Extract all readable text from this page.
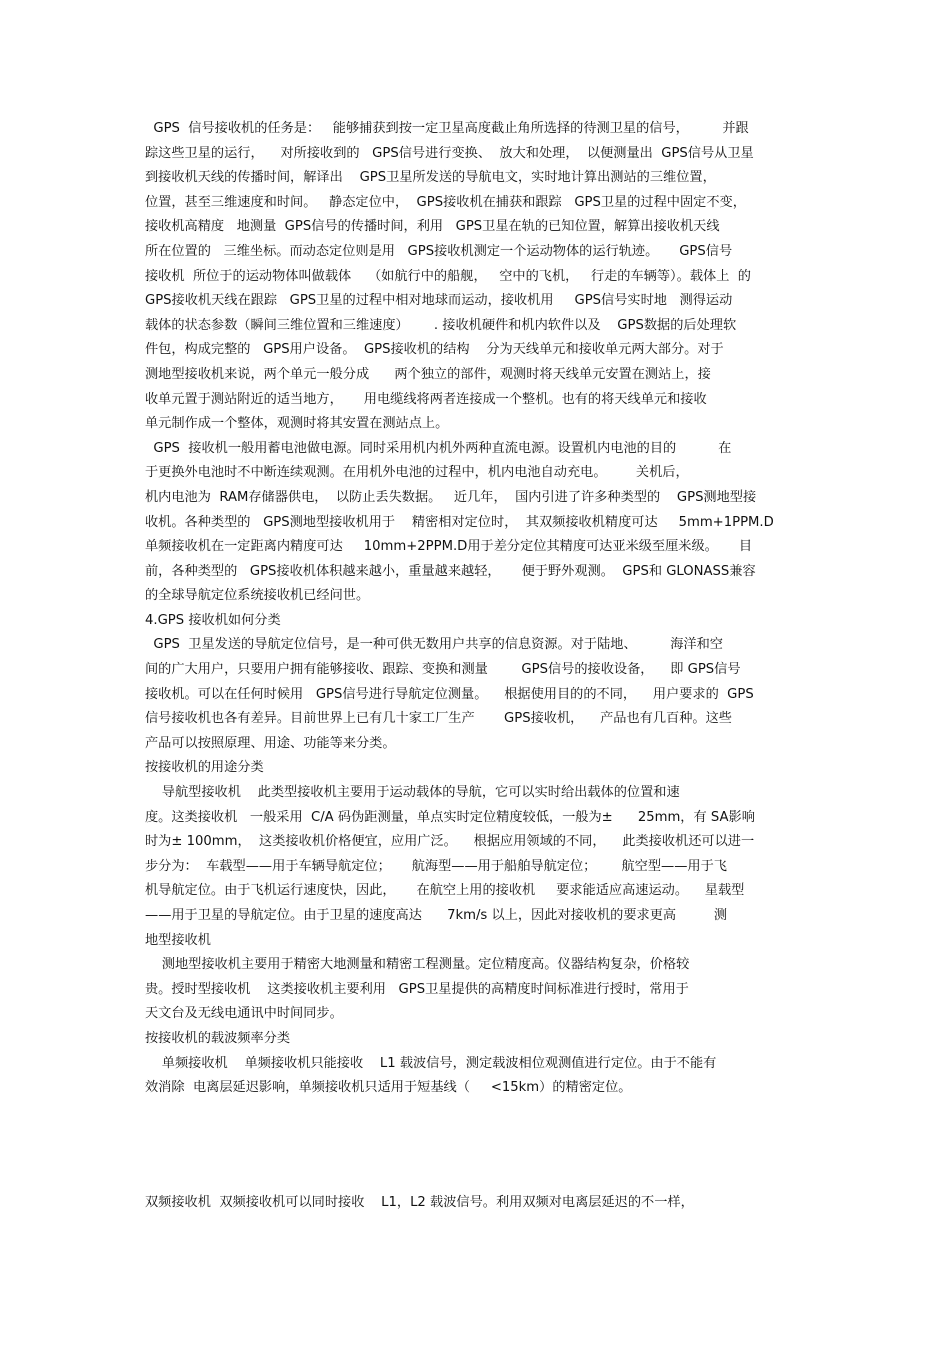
GPS  信号接收机的任务是：   能够捕获到按一定卫星高度截止角所选择的待测卫星的信号，        并跟
踪这些卫星的运行，    对所接收到的   GPS信号进行变换、  放大和处理，  以便测量出  GPS信号从卫星
到接收机天线的传播时间，解译出    GPS卫星所发送的导航电文，实时地计算出测站的三维位置，
位置，甚至三维速度和时间。   静态定位中，  GPS接收机在捕获和跟踪   GPS卫星的过程中固定不变，
接收机高精度   地测量  GPS信号的传播时间，利用   GPS卫星在轨的已知位置，解算出接收机天线
所在位置的   三维坐标。而动态定位则是用   GPS接收机测定一个运动物体的运行轨迹。     GPS信号
接收机  所位于的运动物体叫做载体    （如航行中的船舰，   空中的飞机，   行走的车辆等）。载体上  的
GPS接收机天线在跟踪   GPS卫星的过程中相对地球而运动，接收机用     GPS信号实时地   测得运动
载体的状态参数（瞬间三维位置和三维速度）      . 接收机硬件和机内软件以及    GPS数据的后处理软
件包，构成完整的   GPS用户设备。  GPS接收机的结构    分为天线单元和接收单元两大部分。对于
测地型接收机来说，两个单元一般分成      两个独立的部件，观测时将天线单元安置在测站上，接
收单元置于测站附近的适当地方，     用电缆线将两者连接成一个整机。也有的将天线单元和接收
单元制作成一个整体，观测时将其安置在测站点上。
GPS  接收机一般用蓄电池做电源。同时采用机内机外两种直流电源。设置机内电池的目的          在
于更换外电池时不中断连续观测。在用机外电池的过程中，机内电池自动充电。       关机后，
机内电池为  RAM存储器供电，  以防止丢失数据。   近几年，  国内引进了许多种类型的    GPS测地型接
收机。各种类型的   GPS测地型接收机用于    精密相对定位时，  其双频接收机精度可达     5mm+1PPM.D
单频接收机在一定距离内精度可达     10mm+2PPM.D用于差分定位其精度可达亚米级至厘米级。     目
前，各种类型的   GPS接收机体积越来越小，重量越来越轻，     便于野外观测。  GPS和 GLONASS兼容
的全球导航定位系统接收机已经问世。
4.GPS 接收机如何分类
GPS  卫星发送的导航定位信号，是一种可供无数用户共享的信息资源。对于陆地、        海洋和空
间的广大用户，只要用户拥有能够接收、跟踪、变换和测量        GPS信号的接收设备，    即 GPS信号
接收机。可以在任何时候用   GPS信号进行导航定位测量。    根据使用目的的不同，    用户要求的  GPS
信号接收机也各有差异。目前世界上已有几十家工厂生产       GPS接收机，    产品也有几百种。这些
产品可以按照原理、用途、功能等来分类。
按接收机的用途分类
导航型接收机    此类型接收机主要用于运动载体的导航，它可以实时给出载体的位置和速
度。这类接收机   一般采用  C/A 码伪距测量，单点实时定位精度较低，一般为±      25mm，有 SA影响
时为± 100mm，  这类接收机价格便宜，应用广泛。    根据应用领域的不同，    此类接收机还可以进一
步分为：  车载型——用于车辆导航定位；     航海型——用于船舶导航定位；      航空型——用于飞
机导航定位。由于飞机运行速度快，因此，     在航空上用的接收机     要求能适应高速运动。    星载型
——用于卫星的导航定位。由于卫星的速度高达      7km/s 以上，因此对接收机的要求更高         测
地型接收机
测地型接收机主要用于精密大地测量和精密工程测量。定位精度高。仪器结构复杂，价格较
贵。授时型接收机    这类接收机主要利用   GPS卫星提供的高精度时间标准进行授时，常用于
天文台及无线电通讯中时间同步。
按接收机的载波频率分类
单频接收机    单频接收机只能接收    L1 载波信号，测定载波相位观测值进行定位。由于不能有
效消除  电离层延迟影响，单频接收机只适用于短基线（     <15km）的精密定位。
双频接收机  双频接收机可以同时接收    L1，L2 载波信号。利用双频对电离层延迟的不一样，
